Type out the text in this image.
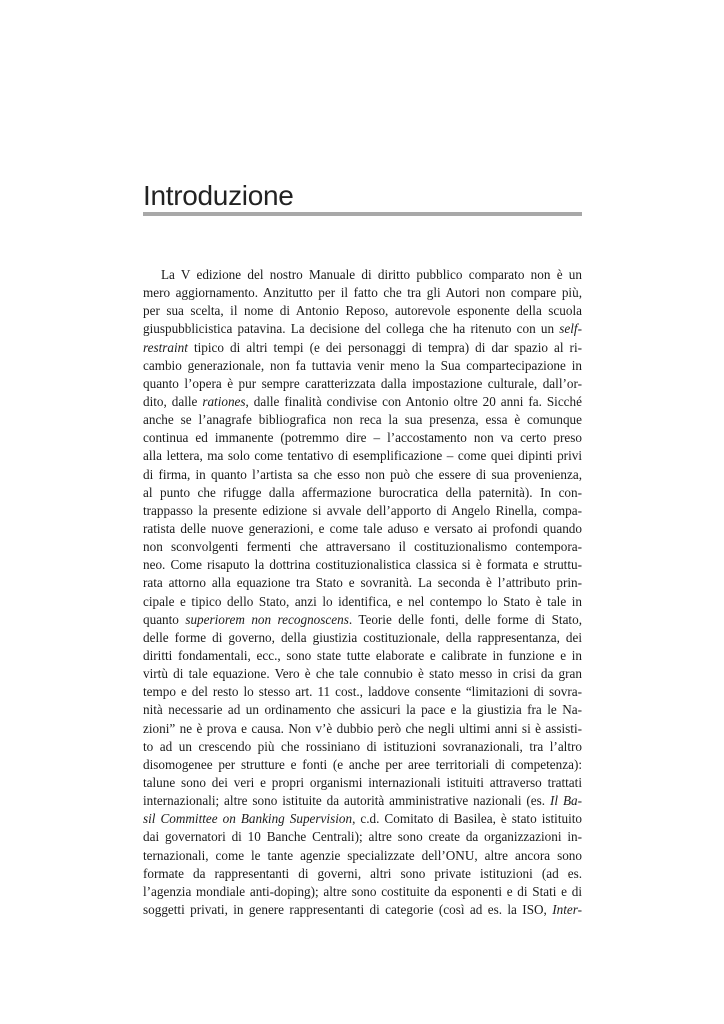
Introduzione
La V edizione del nostro Manuale di diritto pubblico comparato non è un
mero aggiornamento. Anzitutto per il fatto che tra gli Autori non compare più,
per sua scelta, il nome di Antonio Reposo, autorevole esponente della scuola
giuspubblicistica patavina. La decisione del collega che ha ritenuto con un self-
restraint tipico di altri tempi (e dei personaggi di tempra) di dar spazio al ri-
cambio generazionale, non fa tuttavia venir meno la Sua compartecipazione in
quanto l’opera è pur sempre caratterizzata dalla impostazione culturale, dall’or-
dito, dalle rationes, dalle finalità condivise con Antonio oltre 20 anni fa. Sicché
anche se l’anagrafe bibliografica non reca la sua presenza, essa è comunque
continua ed immanente (potremmo dire – l’accostamento non va certo preso
alla lettera, ma solo come tentativo di esemplificazione – come quei dipinti privi
di firma, in quanto l’artista sa che esso non può che essere di sua provenienza,
al punto che rifugge dalla affermazione burocratica della paternità). In con-
trappasso la presente edizione si avvale dell’apporto di Angelo Rinella, compa-
ratista delle nuove generazioni, e come tale aduso e versato ai profondi quando
non sconvolgenti fermenti che attraversano il costituzionalismo contempora-
neo. Come risaputo la dottrina costituzionalistica classica si è formata e struttu-
rata attorno alla equazione tra Stato e sovranità. La seconda è l’attributo prin-
cipale e tipico dello Stato, anzi lo identifica, e nel contempo lo Stato è tale in
quanto superiorem non recognoscens. Teorie delle fonti, delle forme di Stato,
delle forme di governo, della giustizia costituzionale, della rappresentanza, dei
diritti fondamentali, ecc., sono state tutte elaborate e calibrate in funzione e in
virtù di tale equazione. Vero è che tale connubio è stato messo in crisi da gran
tempo e del resto lo stesso art. 11 cost., laddove consente “limitazioni di sovra-
nità necessarie ad un ordinamento che assicuri la pace e la giustizia fra le Na-
zioni” ne è prova e causa. Non v’è dubbio però che negli ultimi anni si è assisti-
to ad un crescendo più che rossiniano di istituzioni sovranazionali, tra l’altro
disomogenee per strutture e fonti (e anche per aree territoriali di competenza):
talune sono dei veri e propri organismi internazionali istituiti attraverso trattati
internazionali; altre sono istituite da autorità amministrative nazionali (es. Il Ba-
sil Committee on Banking Supervision, c.d. Comitato di Basilea, è stato istituito
dai governatori di 10 Banche Centrali); altre sono create da organizzazioni in-
ternazionali, come le tante agenzie specializzate dell’ONU, altre ancora sono
formate da rappresentanti di governi, altri sono private istituzioni (ad es.
l’agenzia mondiale anti-doping); altre sono costituite da esponenti e di Stati e di
soggetti privati, in genere rappresentanti di categorie (così ad es. la ISO, Inter-
